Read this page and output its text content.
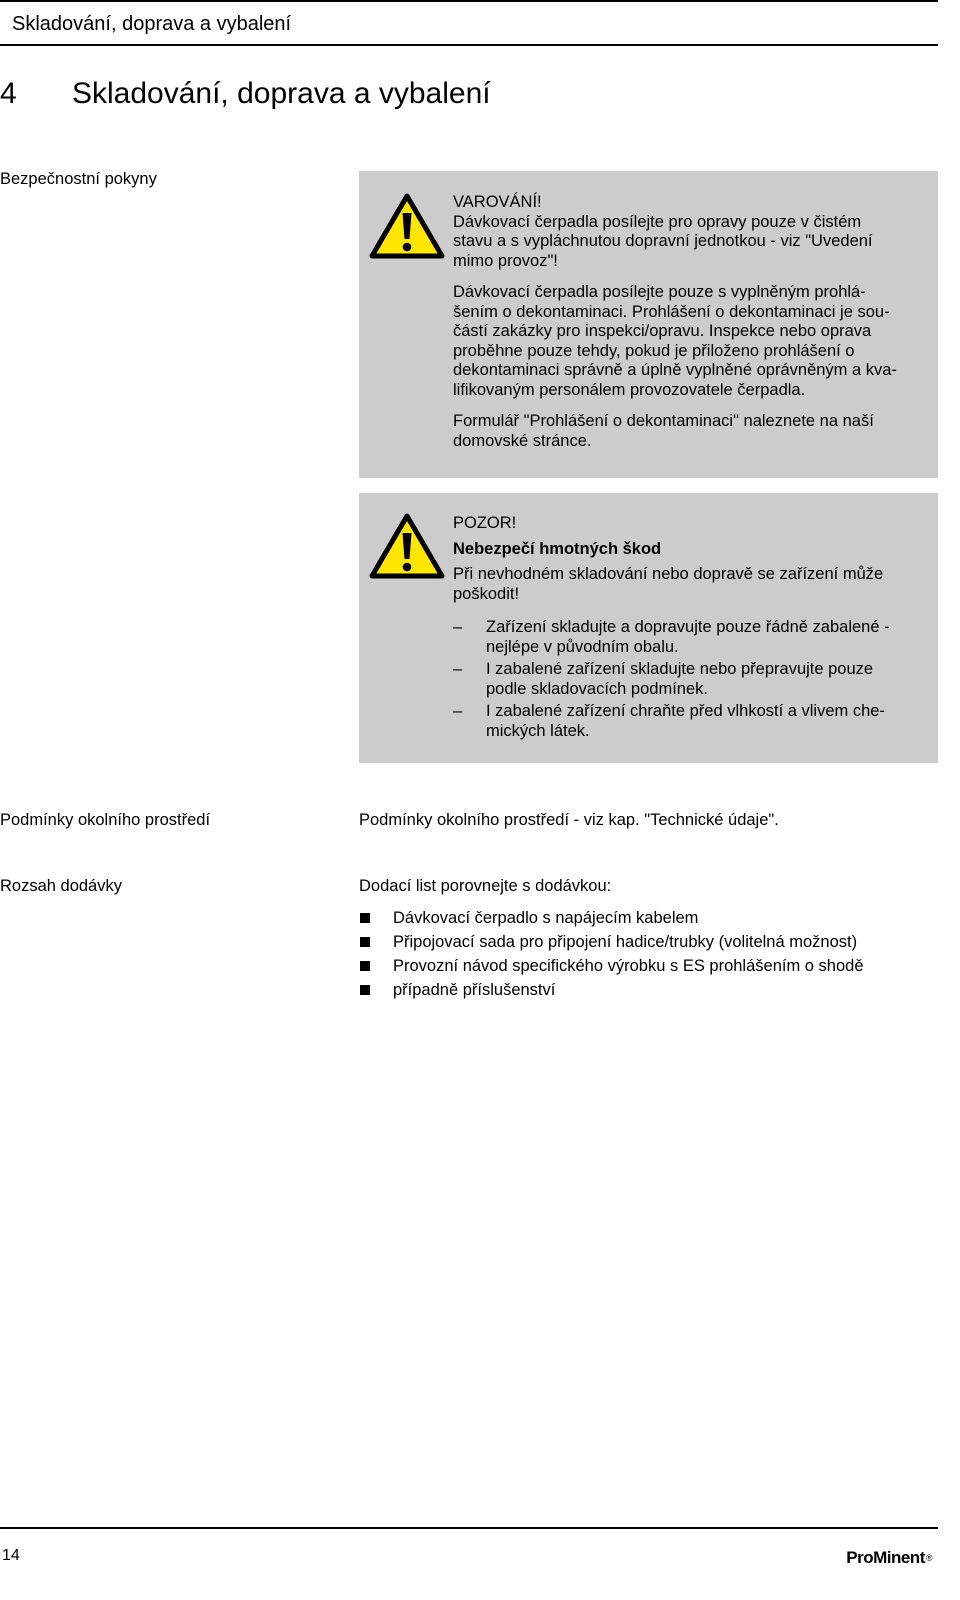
Skladování, doprava a vybalení
4 Skladování, doprava a vybalení
Bezpečnostní pokyny

VAROVÁNÍ!

Dávkovací čerpadla posílejte pro opravy pouze v čistém
stavu a s vypláchnutou dopravní jednotkou - viz "Uvedení
mimo provoz"!

Dávkovací čerpadla posílejte pouze s vyplněným prohlá-
šením o dekontaminaci. Prohlášení o dekontaminaci je sou-
částí zakázky pro inspekci/opravu. Inspekce nebo oprava
proběhne pouze tehdy, pokud je přiloženo prohlášení o
dekontaminaci správně a úplně vyplněné oprávněným a kva-
lifikovaným personálem provozovatele čerpadla.

Formulář "Prohlášení o dekontaminaci" naleznete na naší
domovské stránce.

POZOR!

Nebezpečí hmotných škod

Při nevhodném skladování nebo dopravě se zařízení může
poškodit!

–	Zařízení skladujte a dopravujte pouze řádně zabalené -
nejlépe v původním obalu.
–	I zabalené zařízení skladujte nebo přepravujte pouze
podle skladovacích podmínek.
–	I zabalené zařízení chraňte před vlhkostí a vlivem che-
mických látek.
Podmínky okolního prostředí	Podmínky okolního prostředí - viz kap. "Technické údaje".
Rozsah dodávky	Dodací list porovnejte s dodávkou:
Dávkovací čerpadlo s napájecím kabelem
Připojovací sada pro připojení hadice/trubky (volitelná možnost)
Provozní návod specifického výrobku s ES prohlášením o shodě
případně příslušenství
14	ProMinent®
